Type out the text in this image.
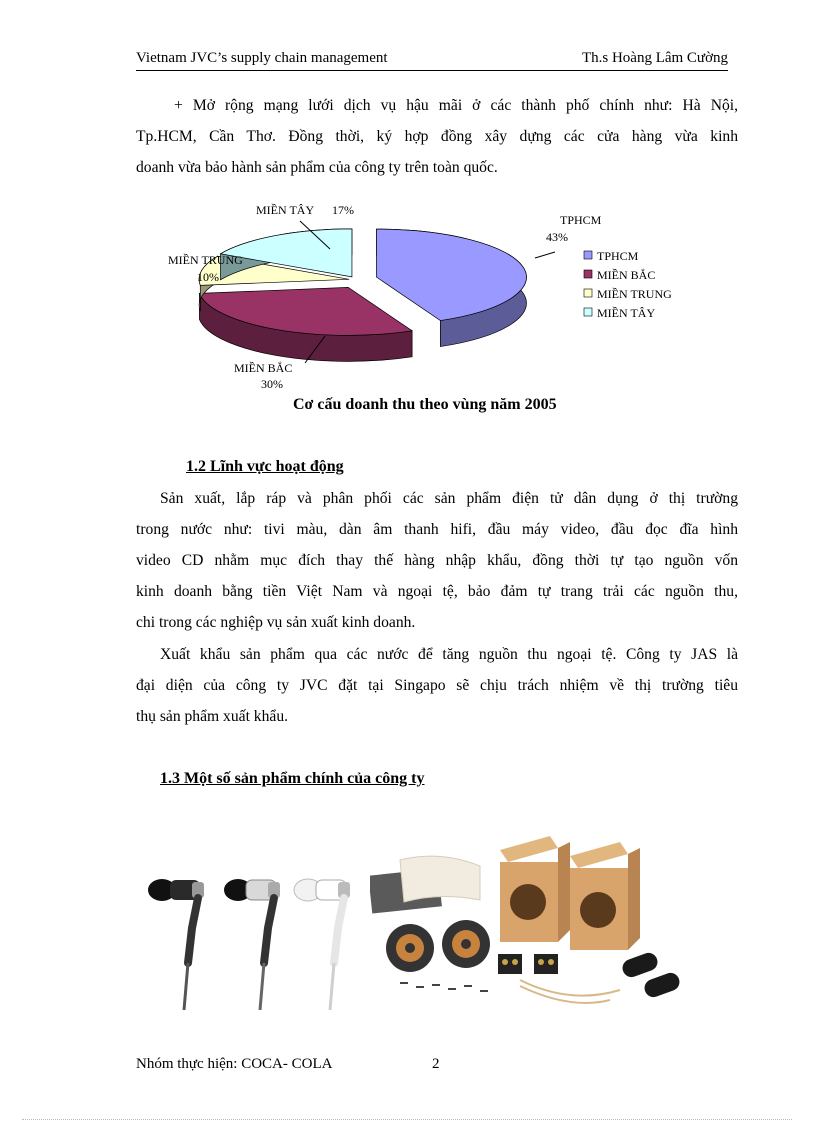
Vietnam JVC’s supply chain management	Th.s Hoàng Lâm Cường
+ Mở rộng mạng lưới dịch vụ hậu mãi ở các thành phố chính như: Hà Nội,
Tp.HCM, Cần Thơ. Đồng thời, ký hợp đồng xây dựng các cửa hàng vừa kinh
doanh vừa bảo hành sản phẩm của công ty trên toàn quốc.
TPHCM
43%
MIỀN BẮC
30%
MIỀN TRUNG
10%
MIỀN TÂY 17%
TPHCM
MIỀN BẮC
MIỀN TRUNG
MIỀN TÂY
Cơ cấu doanh thu theo vùng năm 2005
1.2 Lĩnh vực hoạt động
Sản xuất, lắp ráp và phân phối các sản phẩm điện tử dân dụng ở thị trường
trong nước như: tivi màu, dàn âm thanh hifi, đầu máy video, đầu đọc đĩa hình
video CD nhằm mục đích thay thế hàng nhập khẩu, đồng thời tự tạo nguồn vốn
kinh doanh bằng tiền Việt Nam và ngoại tệ, bảo đảm tự trang trải các nguồn thu,
chi trong các nghiệp vụ sản xuất kinh doanh.
Xuất khẩu sản phẩm qua các nước để tăng nguồn thu ngoại tệ. Công ty JAS là
đại diện của công ty JVC đặt tại Singapo sẽ chịu trách nhiệm về thị trường tiêu
thụ sản phẩm xuất khẩu.
1.3 Một số sản phẩm chính của công ty
Nhóm thực hiện: COCA- COLA	2
